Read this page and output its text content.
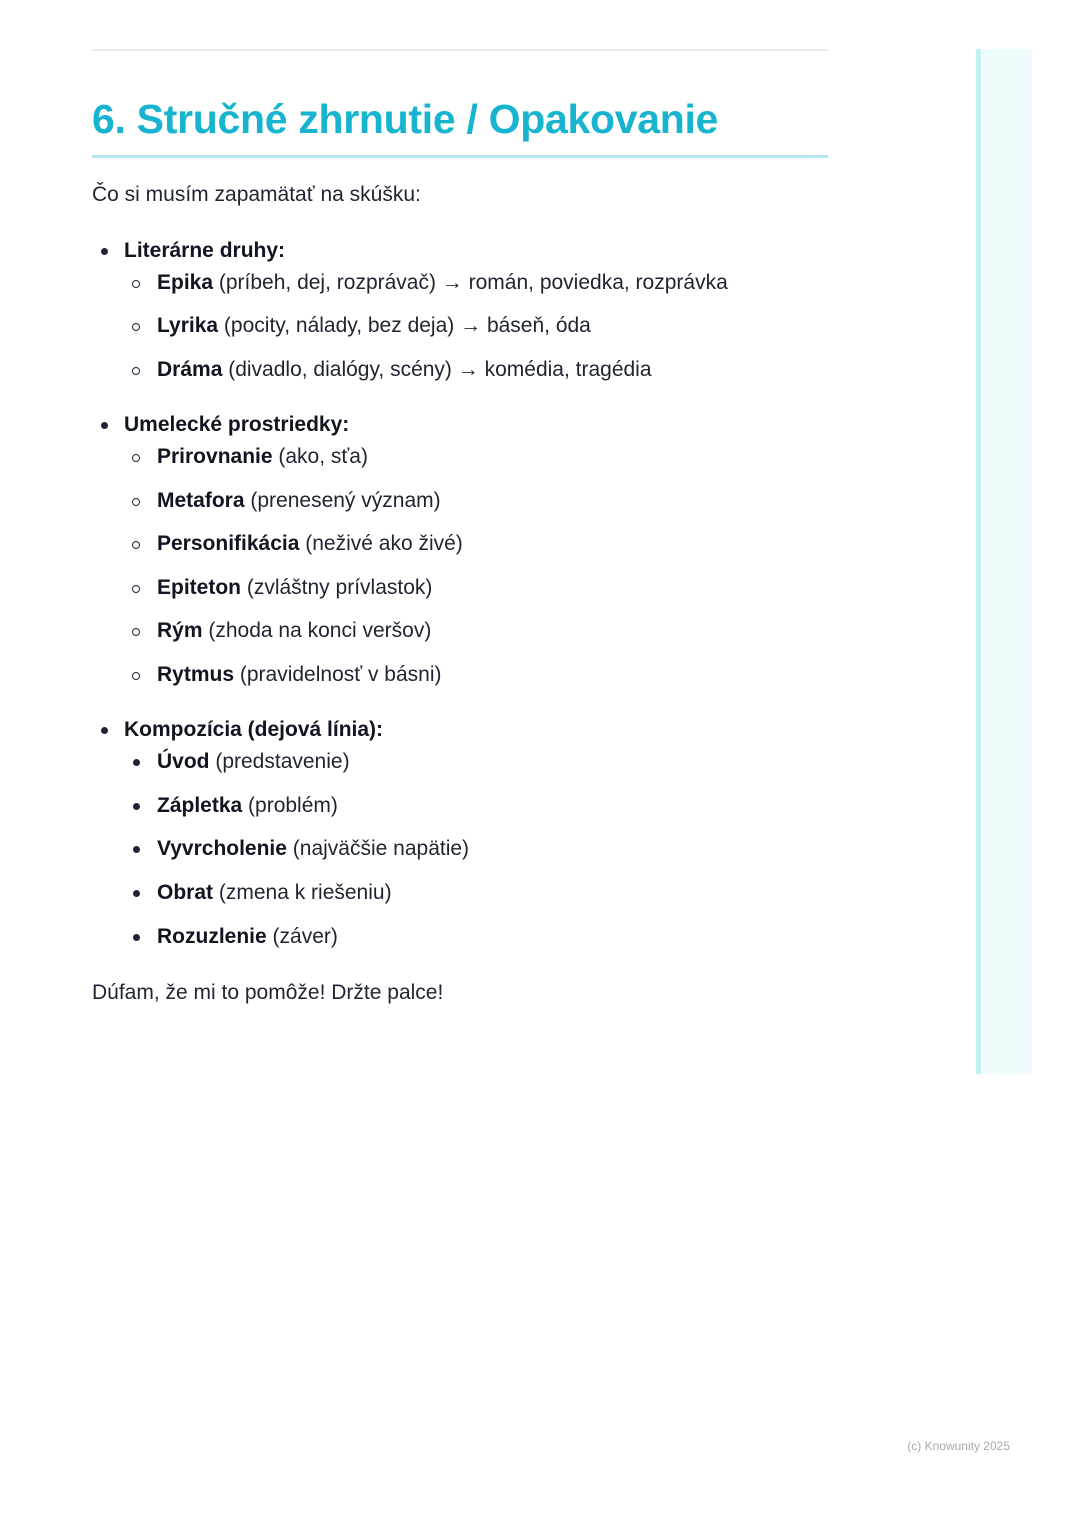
6. Stručné zhrnutie / Opakovanie
Čo si musím zapamätať na skúšku:
Literárne druhy:
Epika (príbeh, dej, rozprávač) → román, poviedka, rozprávka
Lyrika (pocity, nálady, bez deja) → báseň, óda
Dráma (divadlo, dialógy, scény) → komédia, tragédia
Umelecké prostriedky:
Prirovnanie (ako, sťa)
Metafora (prenesený význam)
Personifikácia (neživé ako živé)
Epiteton (zvláštny prívlastok)
Rým (zhoda na konci veršov)
Rytmus (pravidelnosť v básni)
Kompozícia (dejová línia):
Úvod (predstavenie)
Zápletka (problém)
Vyvrcholenie (najväčšie napätie)
Obrat (zmena k riešeniu)
Rozuzlenie (záver)
Dúfam, že mi to pomôže! Držte palce!
(c) Knowunity 2025
